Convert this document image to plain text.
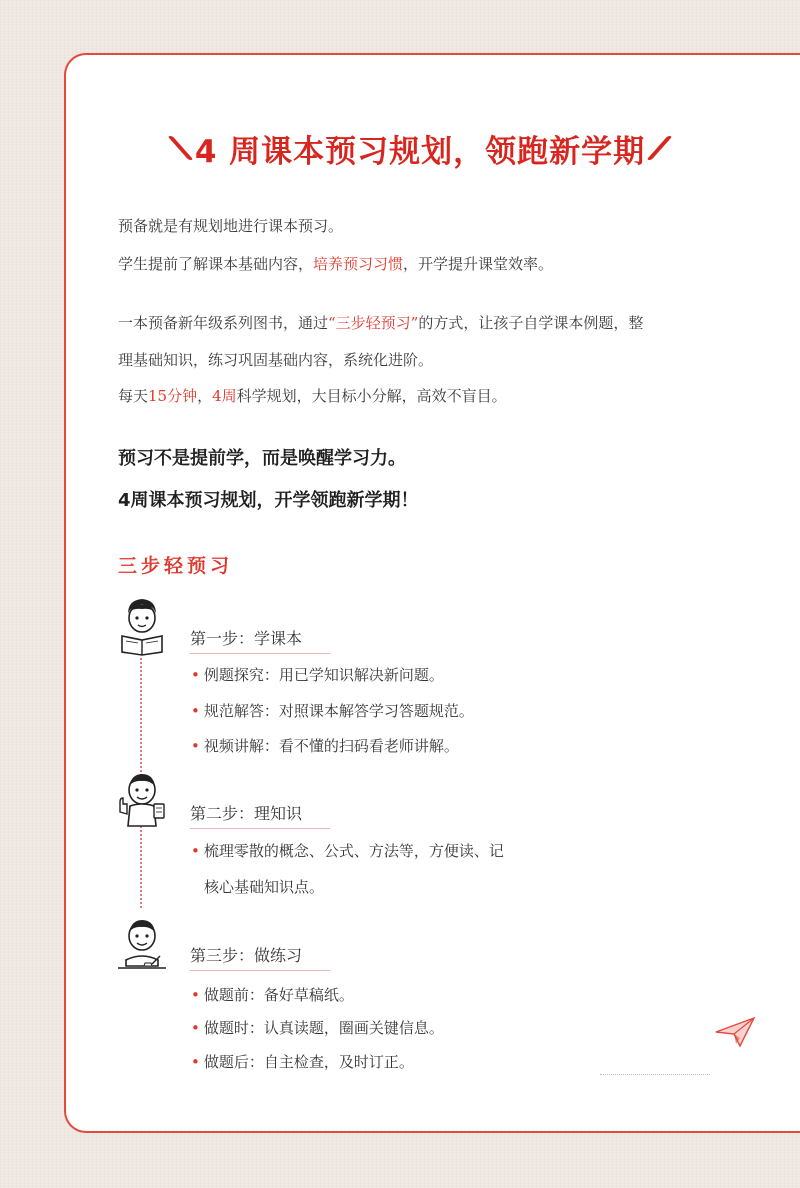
4 周课本预习规划，领跑新学期
预备就是有规划地进行课本预习。
学生提前了解课本基础内容，培养预习习惯，开学提升课堂效率。
一本预备新年级系列图书，通过“三步轻预习”的方式，让孩子自学课本例题，整
理基础知识，练习巩固基础内容，系统化进阶。
每天15分钟，4周科学规划，大目标小分解，高效不盲目。
预习不是提前学，而是唤醒学习力。
4周课本预习规划，开学领跑新学期！
三步轻预习
第一步：学课本
• 例题探究：用已学知识解决新问题。
• 规范解答：对照课本解答学习答题规范。
• 视频讲解：看不懂的扫码看老师讲解。
第二步：理知识
• 梳理零散的概念、公式、方法等，方便读、记
核心基础知识点。
第三步：做练习
• 做题前：备好草稿纸。
• 做题时：认真读题，圈画关键信息。
• 做题后：自主检查，及时订正。
